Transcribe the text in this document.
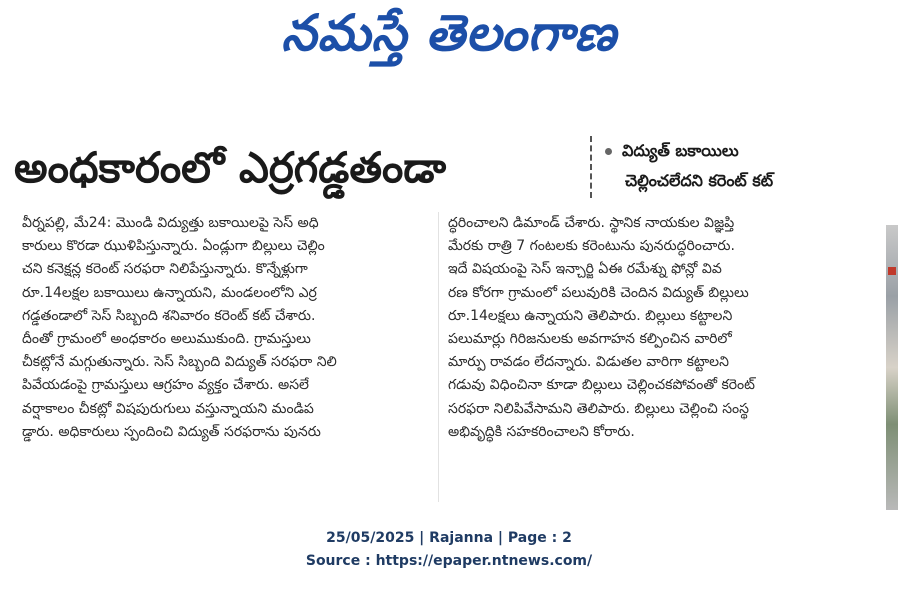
నమస్తే తెలంగాణ
అంధకారంలో ఎర్రగడ్డతండా	విద్యుత్ బకాయిలు
చెల్లించలేదని కరెంట్ కట్
వీర్నపల్లి, మే24: మొండి విద్యుత్తు బకాయిలపై సెస్ అధి
కారులు కొరడా ఝుళిపిస్తున్నారు. ఏండ్లుగా బిల్లులు చెల్లిం
చని కనెక్షన్ల కరెంట్ సరఫరా నిలిపేస్తున్నారు. కొన్నేళ్లుగా
రూ.14లక్షల బకాయిలు ఉన్నాయని, మండలంలోని ఎర్ర
గడ్డతండాలో సెస్ సిబ్బంది శనివారం కరెంట్ కట్ చేశారు.
దీంతో గ్రామంలో అంధకారం అలుముకుంది. గ్రామస్తులు
చీకట్లోనే మగ్గుతున్నారు. సెస్ సిబ్బంది విద్యుత్ సరఫరా నిలి
పివేయడంపై గ్రామస్తులు ఆగ్రహం వ్యక్తం చేశారు. అసలే
వర్షాకాలం చీకట్లో విషపురుగులు వస్తున్నాయని మండిప
డ్డారు. అధికారులు స్పందించి విద్యుత్ సరఫరాను పునరు
ద్ధరించాలని డిమాండ్ చేశారు. స్థానిక నాయకుల విజ్ఞప్తి
మేరకు రాత్రి 7 గంటలకు కరెంటును పునరుద్ధరించారు.
ఇదే విషయంపై సెస్ ఇన్చార్జి ఏఈ రమేశ్ను ఫోన్లో వివ
రణ కోరగా గ్రామంలో పలువురికి చెందిన విద్యుత్ బిల్లులు
రూ.14లక్షలు ఉన్నాయని తెలిపారు. బిల్లులు కట్టాలని
పలుమార్లు గిరిజనులకు అవగాహన కల్పించిన వారిలో
మార్పు రావడం లేదన్నారు. విడుతల వారిగా కట్టాలని
గడువు విధించినా కూడా బిల్లులు చెల్లించకపోవంతో కరెంట్
సరఫరా నిలిపివేసామని తెలిపారు. బిల్లులు చెల్లించి సంస్థ
అభివృద్ధికి సహకరించాలని కోరారు.
25/05/2025 | Rajanna | Page : 2
Source : https://epaper.ntnews.com/
